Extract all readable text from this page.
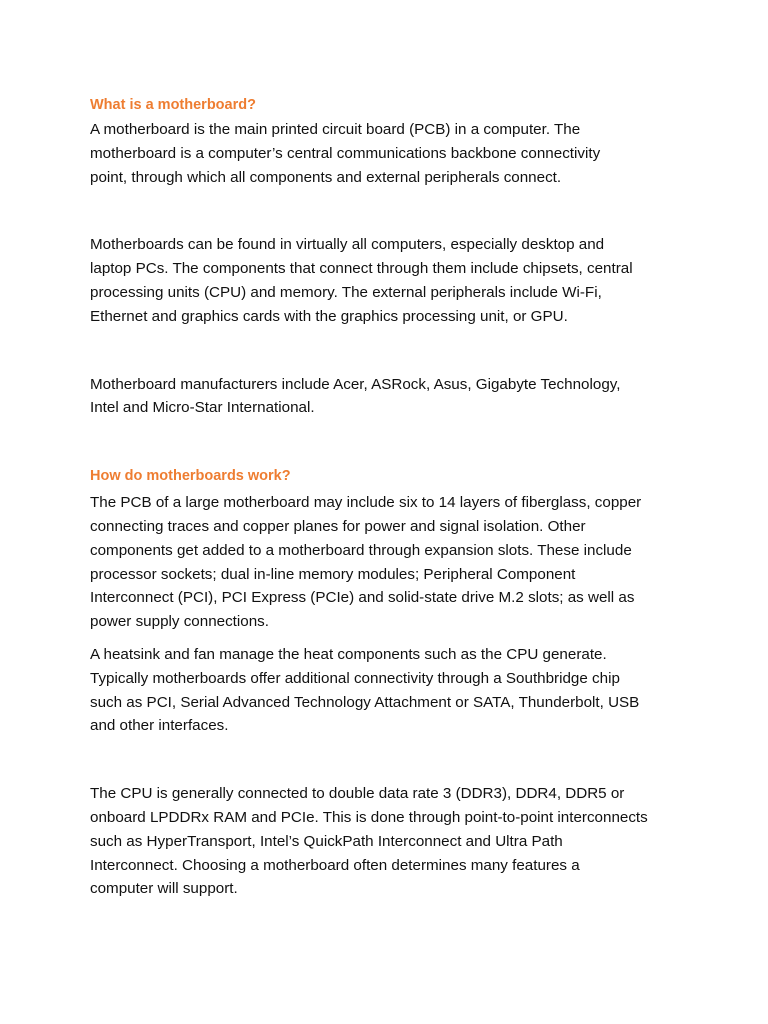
What is a motherboard?

A motherboard is the main printed circuit board (PCB) in a computer. The
motherboard is a computer’s central communications backbone connectivity
point, through which all components and external peripherals connect.

Motherboards can be found in virtually all computers, especially desktop and
laptop PCs. The components that connect through them include chipsets, central
processing units (CPU) and memory. The external peripherals include Wi-Fi,
Ethernet and graphics cards with the graphics processing unit, or GPU.

Motherboard manufacturers include Acer, ASRock, Asus, Gigabyte Technology,
Intel and Micro-Star International.

How do motherboards work?

The PCB of a large motherboard may include six to 14 layers of fiberglass, copper
connecting traces and copper planes for power and signal isolation. Other
components get added to a motherboard through expansion slots. These include
processor sockets; dual in-line memory modules; Peripheral Component
Interconnect (PCI), PCI Express (PCIe) and solid-state drive M.2 slots; as well as
power supply connections.

A heatsink and fan manage the heat components such as the CPU generate.
Typically motherboards offer additional connectivity through a Southbridge chip
such as PCI, Serial Advanced Technology Attachment or SATA, Thunderbolt, USB
and other interfaces.

The CPU is generally connected to double data rate 3 (DDR3), DDR4, DDR5 or
onboard LPDDRx RAM and PCIe. This is done through point-to-point interconnects
such as HyperTransport, Intel’s QuickPath Interconnect and Ultra Path
Interconnect. Choosing a motherboard often determines many features a
computer will support.
